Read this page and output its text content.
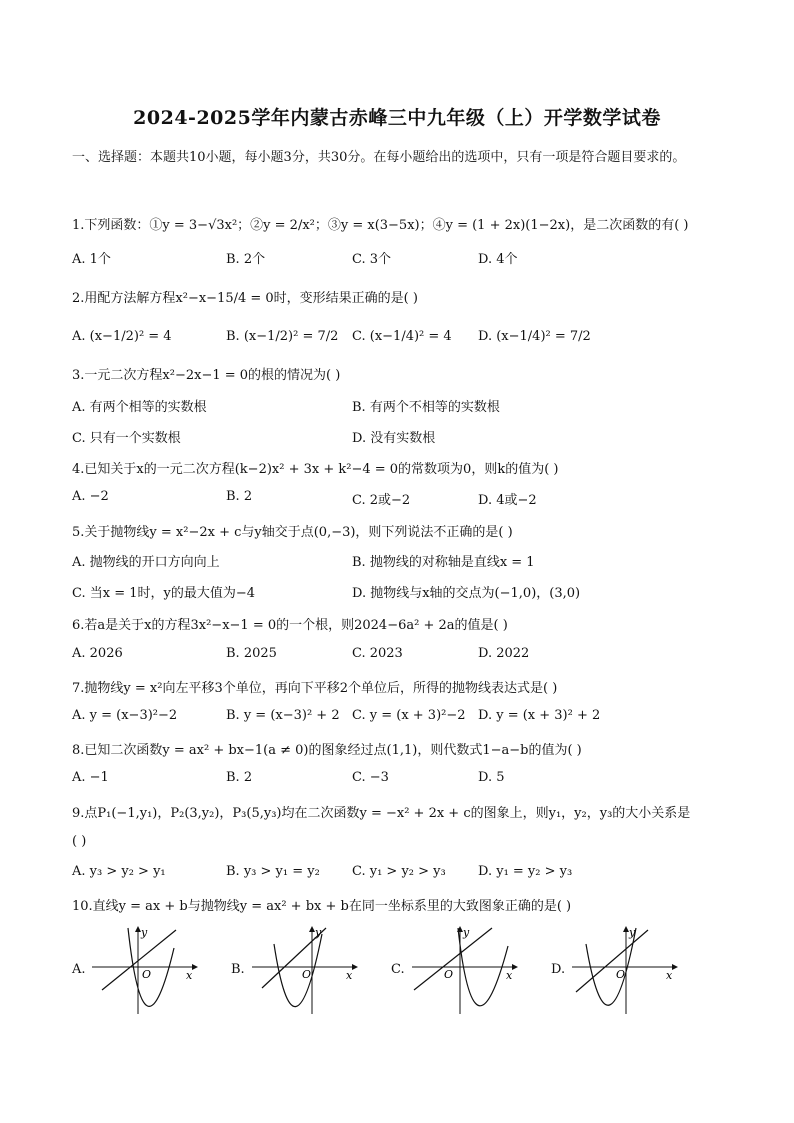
2024-2025学年内蒙古赤峰三中九年级（上）开学数学试卷
一、选择题：本题共10小题，每小题3分，共30分。在每小题给出的选项中，只有一项是符合题目要求的。
1.下列函数：①y = 3−√3x²；②y = 2/x²；③y = x(3−5x)；④y = (1 + 2x)(1−2x)，是二次函数的有( )
A. 1个	B. 2个	C. 3个	D. 4个
2.用配方法解方程x²−x−15/4 = 0时，变形结果正确的是( )
A. (x−1/2)² = 4	B. (x−1/2)² = 7/2 C. (x−1/4)² = 4 D. (x−1/4)² = 7/2
3.一元二次方程x²−2x−1 = 0的根的情况为( )
A. 有两个相等的实数根	B. 有两个不相等的实数根
C. 只有一个实数根	D. 没有实数根
4.已知关于x的一元二次方程(k−2)x² + 3x + k²−4 = 0的常数项为0，则k的值为( )
A. −2	B. 2	C. 2或−2	D. 4或−2
5.关于抛物线y = x²−2x + c与y轴交于点(0,−3)，则下列说法不正确的是( )
A. 抛物线的开口方向向上	B. 抛物线的对称轴是直线x = 1
C. 当x = 1时，y的最大值为−4	D. 抛物线与x轴的交点为(−1,0)，(3,0)
6.若a是关于x的方程3x²−x−1 = 0的一个根，则2024−6a² + 2a的值是( )
A. 2026	B. 2025	C. 2023	D. 2022
7.抛物线y = x²向左平移3个单位，再向下平移2个单位后，所得的抛物线表达式是( )
A. y = (x−3)²−2	B. y = (x−3)² + 2 C. y = (x + 3)²−2 D. y = (x + 3)² + 2
8.已知二次函数y = ax² + bx−1(a ≠ 0)的图象经过点(1,1)，则代数式1−a−b的值为( )
A. −1	B. 2	C. −3	D. 5
9.点P₁(−1,y₁)，P₂(3,y₂)，P₃(5,y₃)均在二次函数y = −x² + 2x + c的图象上，则y₁，y₂，y₃的大小关系是
( )
A. y₃ > y₂ > y₁	B. y₃ > y₁ = y₂ C. y₁ > y₂ > y₃ D. y₁ = y₂ > y₃
10.直线y = ax + b与抛物线y = ax² + bx + b在同一坐标系里的大致图象正确的是( )
A.
y
x
O	B.
y
x
O	C.
y
x
O	D.
y
x
O
